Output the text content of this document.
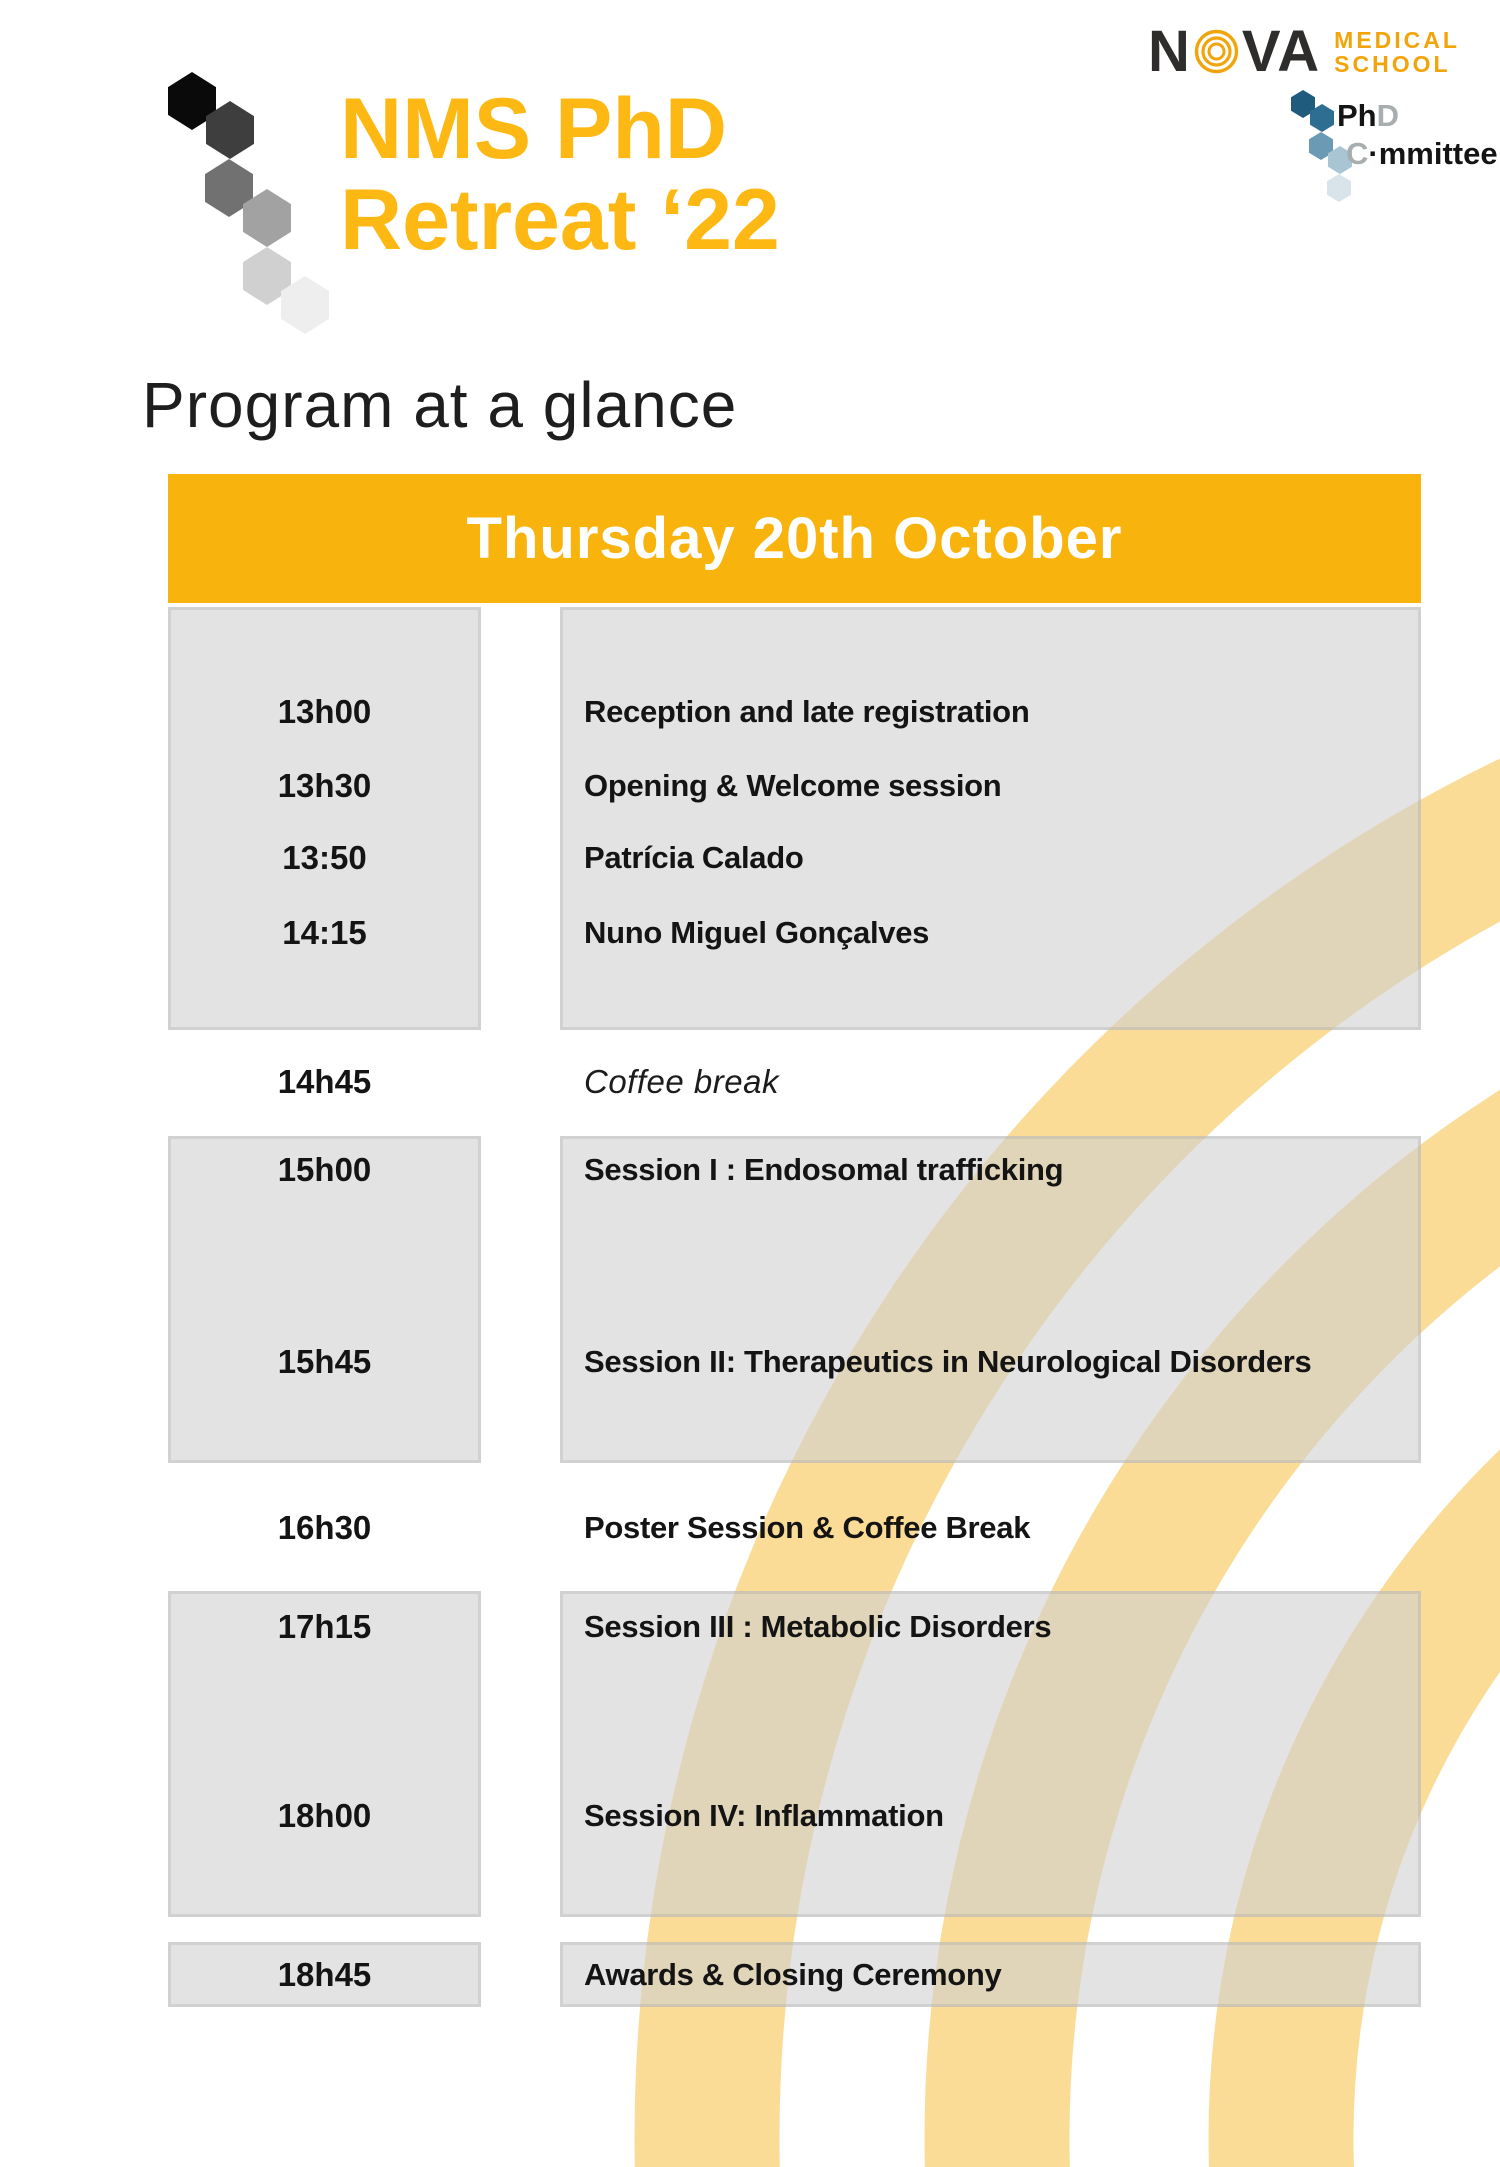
NMS PhD
Retreat ‘22
N VA MEDICAL
SCHOOL
PhD
C·mmittee
Program at a glance
Thursday 20th October
13h00	Reception and late registration
13h30	Opening & Welcome session
13:50	Patrícia Calado
14:15	Nuno Miguel Gonçalves
14h45	Coffee break
15h00	Session I : Endosomal trafficking
15h45	Session II: Therapeutics in Neurological Disorders
16h30	Poster Session & Coffee Break
17h15	Session III : Metabolic Disorders
18h00	Session IV: Inflammation
18h45	Awards & Closing Ceremony
